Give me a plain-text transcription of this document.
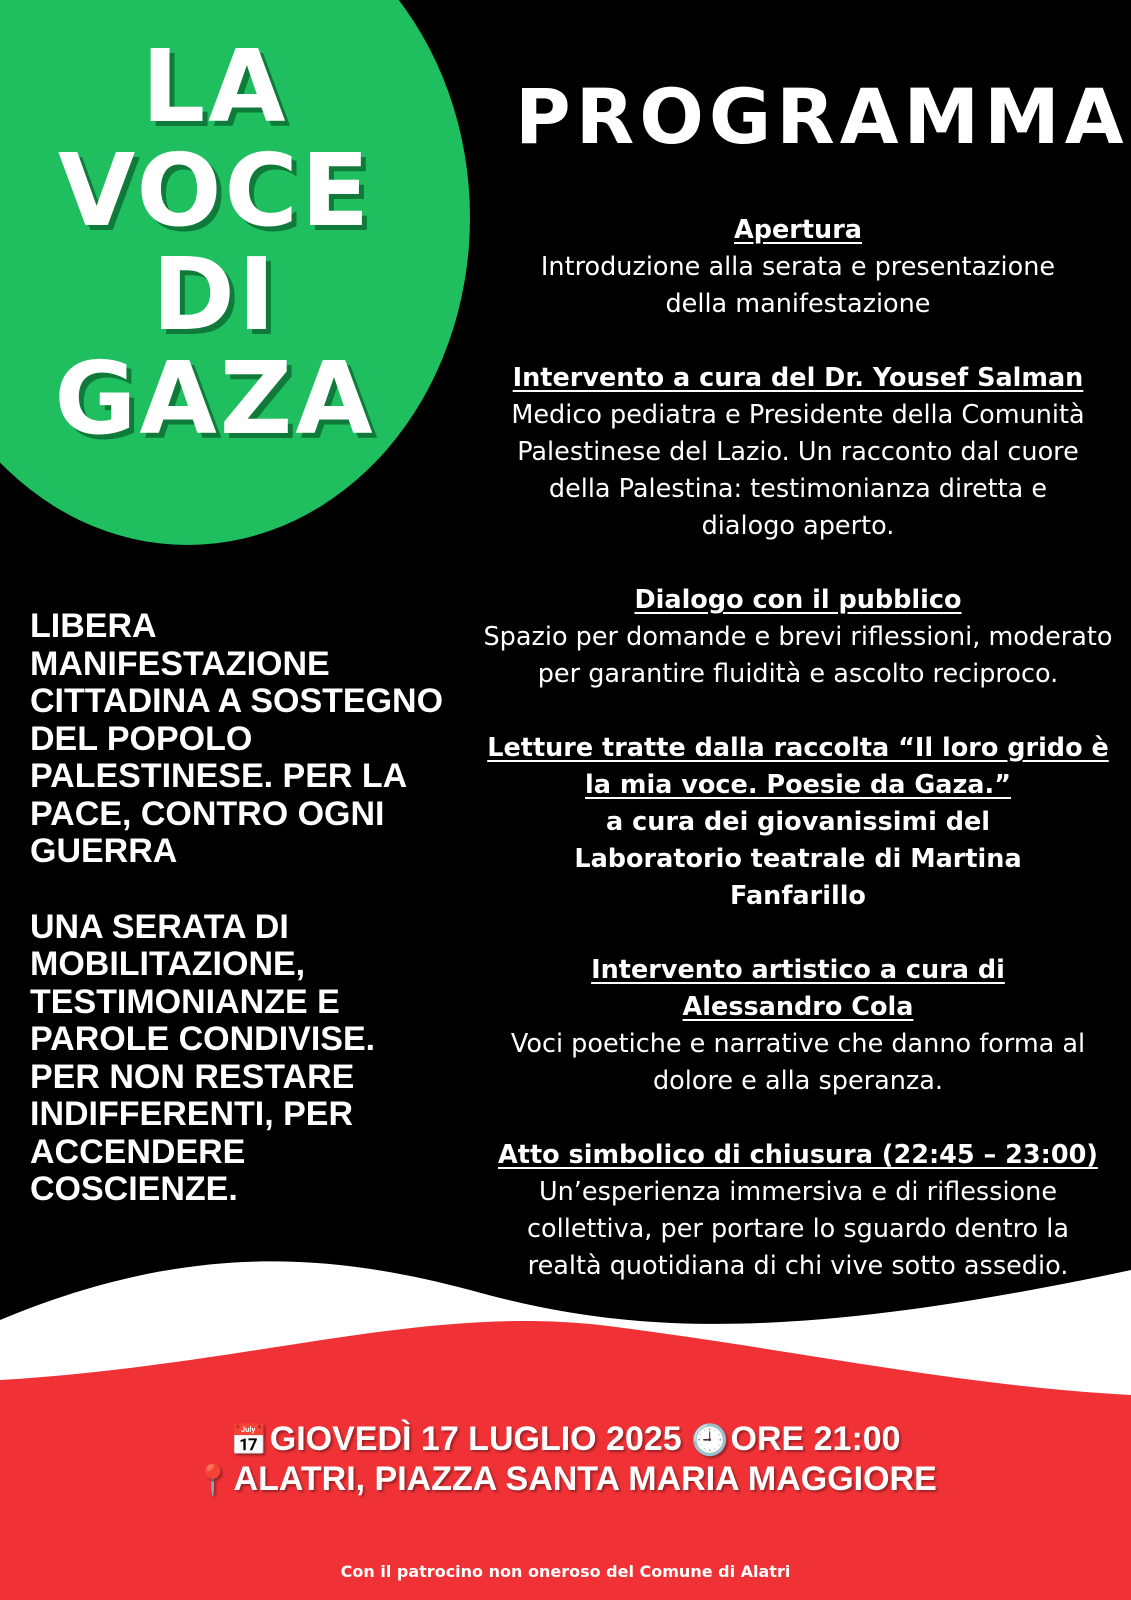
LA
VOCE
DI
GAZA
PROGRAMMA
Apertura
Introduzione alla serata e presentazione della manifestazione
Intervento a cura del Dr. Yousef Salman
Medico pediatra e Presidente della Comunità Palestinese del Lazio. Un racconto dal cuore della Palestina: testimonianza diretta e dialogo aperto.
Dialogo con il pubblico
Spazio per domande e brevi riflessioni, moderato per garantire fluidità e ascolto reciproco.
Letture tratte dalla raccolta “Il loro grido è la mia voce. Poesie da Gaza.”
a cura dei giovanissimi del Laboratorio teatrale di Martina Fanfarillo
Intervento artistico a cura di Alessandro Cola
Voci poetiche e narrative che danno forma al dolore e alla speranza.
Atto simbolico di chiusura (22:45 – 23:00)
Un’esperienza immersiva e di riflessione collettiva, per portare lo sguardo dentro la realtà quotidiana di chi vive sotto assedio.

LIBERA MANIFESTAZIONE CITTADINA A SOSTEGNO DEL POPOLO PALESTINESE. PER LA PACE, CONTRO OGNI GUERRA

UNA SERATA DI MOBILITAZIONE, TESTIMONIANZE E PAROLE CONDIVISE. PER NON RESTARE INDIFFERENTI, PER ACCENDERE COSCIENZE.

📅GIOVEDÌ 17 LUGLIO 2025 🕘ORE 21:00
📍ALATRI, PIAZZA SANTA MARIA MAGGIORE
Con il patrocino non oneroso del Comune di Alatri
